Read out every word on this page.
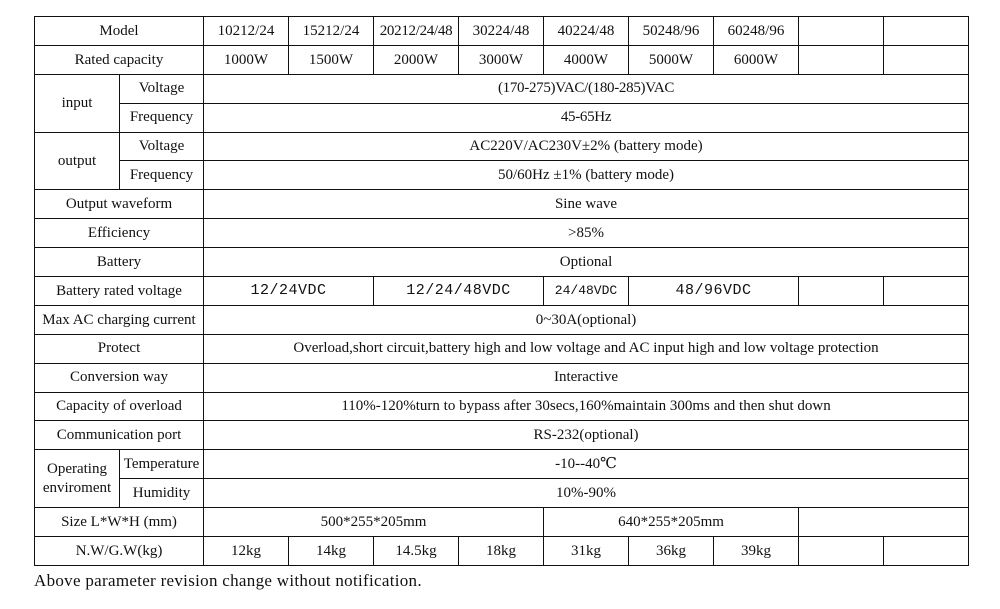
Model		10212/24	15212/24	20212/24/48	30224/48	40224/48	50248/96	60248/96		
Rated capacity		1000W	1500W	2000W	3000W	4000W	5000W	6000W		
input	Voltage	(170-275)VAC/(180-285)VAC								
	Frequency	45-65Hz								
output	Voltage	AC220V/AC230V±2% (battery mode)								
	Frequency	50/60Hz ±1% (battery mode)								
Output waveform		Sine wave								
Efficiency		>85%								
Battery		Optional								
Battery rated voltage		12/24VDC		12/24/48VDC		24/48VDC	48/96VDC			
Max AC charging current		0~30A(optional)								
Protect		Overload,short circuit,battery high and low voltage and AC input high and low voltage protection								
Conversion way		Interactive								
Capacity of overload		110%-120%turn to bypass after 30secs,160%maintain 300ms and then shut down								
Communication port		RS-232(optional)								
Operating enviroment	Temperature	-10--40℃								
	Humidity	10%-90%								
Size L*W*H (mm)		500*255*205mm				640*255*205mm				
N.W/G.W(kg)		12kg	14kg	14.5kg	18kg	31kg	36kg	39kg		
Above parameter revision change without notification.
